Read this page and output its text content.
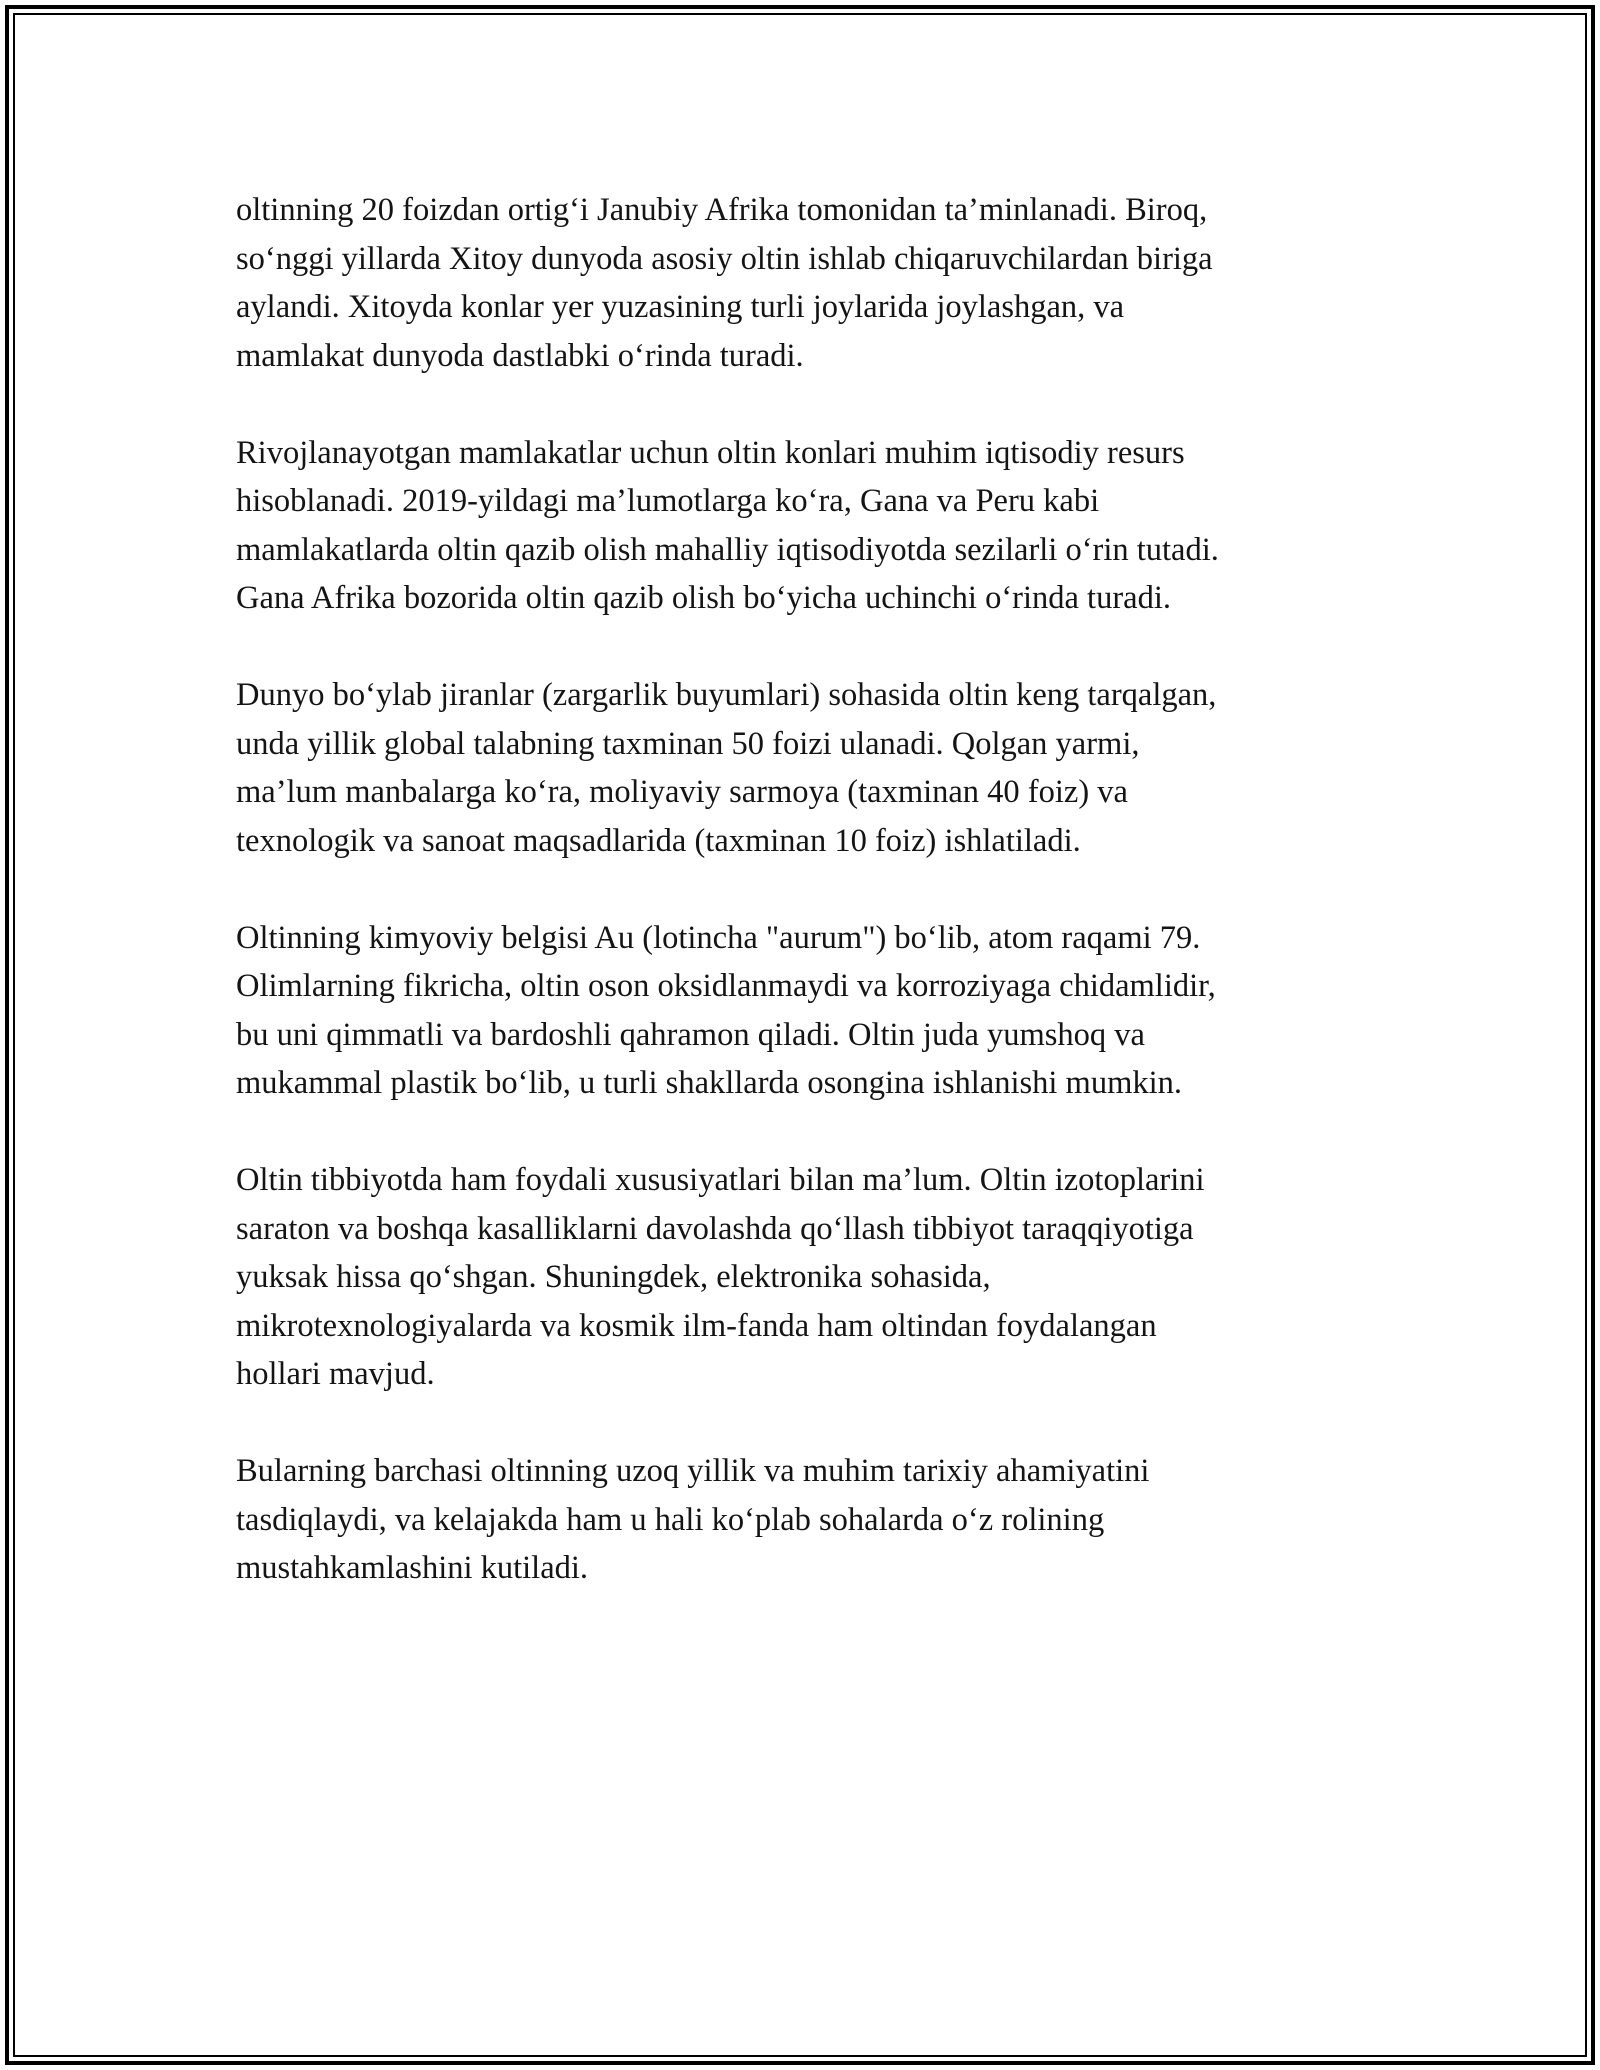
oltinning 20 foizdan ortig‘i Janubiy Afrika tomonidan ta’minlanadi. Biroq,
so‘nggi yillarda Xitoy dunyoda asosiy oltin ishlab chiqaruvchilardan biriga
aylandi. Xitoyda konlar yer yuzasining turli joylarida joylashgan, va
mamlakat dunyoda dastlabki o‘rinda turadi.

Rivojlanayotgan mamlakatlar uchun oltin konlari muhim iqtisodiy resurs
hisoblanadi. 2019-yildagi ma’lumotlarga ko‘ra, Gana va Peru kabi
mamlakatlarda oltin qazib olish mahalliy iqtisodiyotda sezilarli o‘rin tutadi.
Gana Afrika bozorida oltin qazib olish bo‘yicha uchinchi o‘rinda turadi.

Dunyo bo‘ylab jiranlar (zargarlik buyumlari) sohasida oltin keng tarqalgan,
unda yillik global talabning taxminan 50 foizi ulanadi. Qolgan yarmi,
ma’lum manbalarga ko‘ra, moliyaviy sarmoya (taxminan 40 foiz) va
texnologik va sanoat maqsadlarida (taxminan 10 foiz) ishlatiladi.

Oltinning kimyoviy belgisi Au (lotincha "aurum") bo‘lib, atom raqami 79.
Olimlarning fikricha, oltin oson oksidlanmaydi va korroziyaga chidamlidir,
bu uni qimmatli va bardoshli qahramon qiladi. Oltin juda yumshoq va
mukammal plastik bo‘lib, u turli shakllarda osongina ishlanishi mumkin.

Oltin tibbiyotda ham foydali xususiyatlari bilan ma’lum. Oltin izotoplarini
saraton va boshqa kasalliklarni davolashda qo‘llash tibbiyot taraqqiyotiga
yuksak hissa qo‘shgan. Shuningdek, elektronika sohasida,
mikrotexnologiyalarda va kosmik ilm-fanda ham oltindan foydalangan
hollari mavjud.

Bularning barchasi oltinning uzoq yillik va muhim tarixiy ahamiyatini
tasdiqlaydi, va kelajakda ham u hali ko‘plab sohalarda o‘z rolining
mustahkamlashini kutiladi.
